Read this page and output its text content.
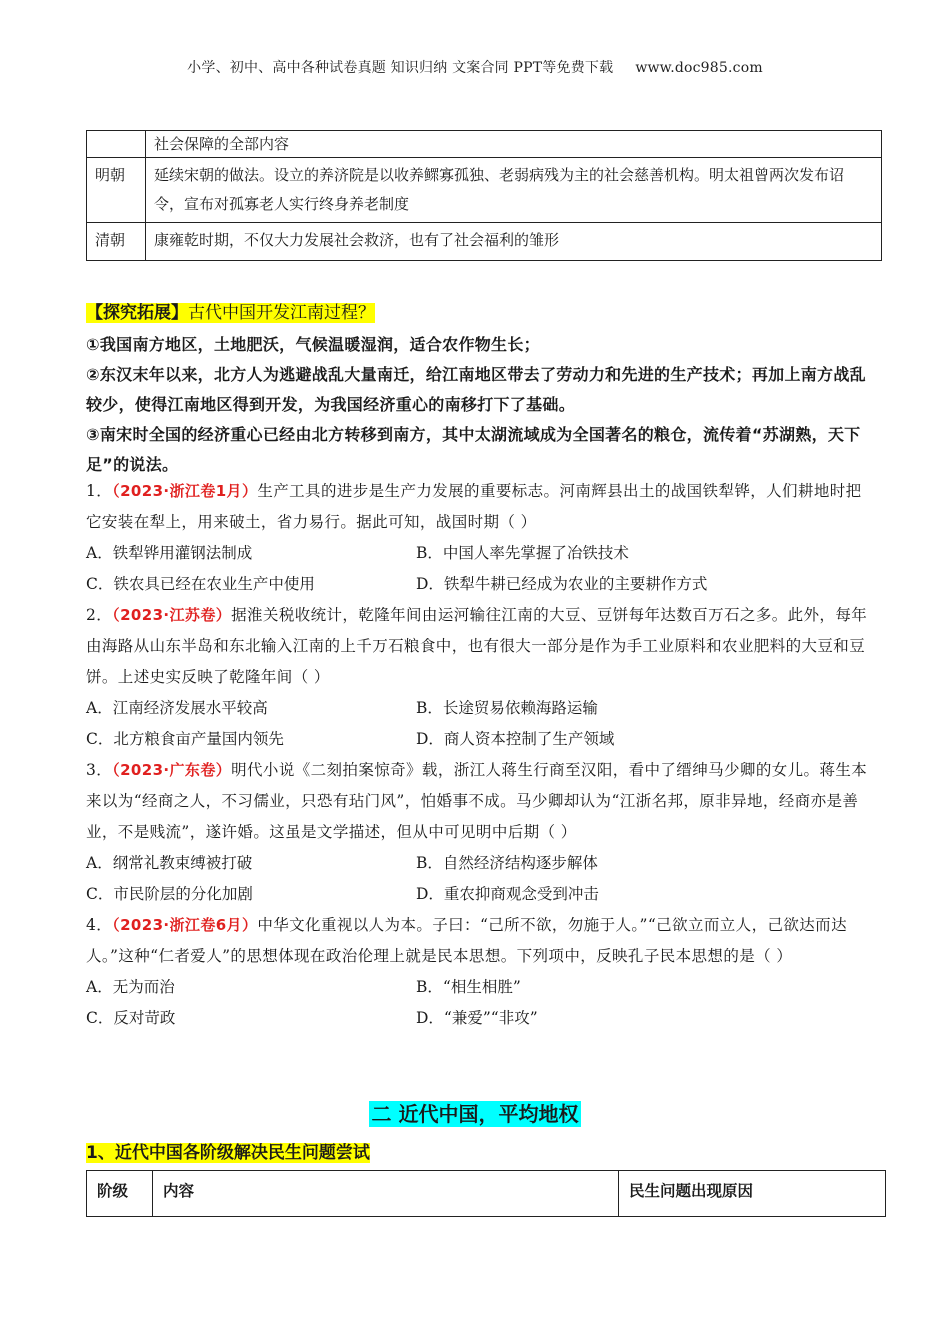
小学、初中、高中各种试卷真题 知识归纳 文案合同 PPT等免费下载 www.doc985.com
	社会保障的全部内容
明朝	延续宋朝的做法。设立的养济院是以收养鳏寡孤独、老弱病残为主的社会慈善机构。明太祖曾两次发布诏令，宣布对孤寡老人实行终身养老制度
清朝	康雍乾时期，不仅大力发展社会救济，也有了社会福利的雏形
【探究拓展】古代中国开发江南过程？

①我国南方地区，土地肥沃，气候温暖湿润，适合农作物生长；

②东汉末年以来，北方人为逃避战乱大量南迁，给江南地区带去了劳动力和先进的生产技术；再加上南方战乱较少，使得江南地区得到开发，为我国经济重心的南移打下了基础。

③南宋时全国的经济重心已经由北方转移到南方，其中太湖流域成为全国著名的粮仓，流传着“苏湖熟，天下足”的说法。

1．（2023·浙江卷1月）生产工具的进步是生产力发展的重要标志。河南辉县出土的战国铁犁铧，人们耕地时把它安装在犁上，用来破土，省力易行。据此可知，战国时期（ ）

A．铁犁铧用灌钢法制成	B．中国人率先掌握了冶铁技术
C．铁农具已经在农业生产中使用	D．铁犁牛耕已经成为农业的主要耕作方式

2．（2023·江苏卷）据淮关税收统计，乾隆年间由运河输往江南的大豆、豆饼每年达数百万石之多。此外，每年由海路从山东半岛和东北输入江南的上千万石粮食中，也有很大一部分是作为手工业原料和农业肥料的大豆和豆饼。上述史实反映了乾隆年间（ ）

A．江南经济发展水平较高	B．长途贸易依赖海路运输
C．北方粮食亩产量国内领先	D．商人资本控制了生产领域

3．（2023·广东卷）明代小说《二刻拍案惊奇》载，浙江人蒋生行商至汉阳，看中了缙绅马少卿的女儿。蒋生本来以为“经商之人，不习儒业，只恐有玷门风”，怕婚事不成。马少卿却认为“江浙名邦，原非异地，经商亦是善业，不是贱流”，遂许婚。这虽是文学描述，但从中可见明中后期（ ）

A．纲常礼教束缚被打破	B．自然经济结构逐步解体
C．市民阶层的分化加剧	D．重农抑商观念受到冲击

4．（2023·浙江卷6月）中华文化重视以人为本。子曰：“己所不欲，勿施于人。”“己欲立而立人，己欲达而达人。”这种“仁者爱人”的思想体现在政治伦理上就是民本思想。下列项中，反映孔子民本思想的是（ ）

A．无为而治	B．“相生相胜”
C．反对苛政	D．“兼爱”“非攻”
二 近代中国，平均地权
1、近代中国各阶级解决民生问题尝试
阶级	内容	民生问题出现原因
